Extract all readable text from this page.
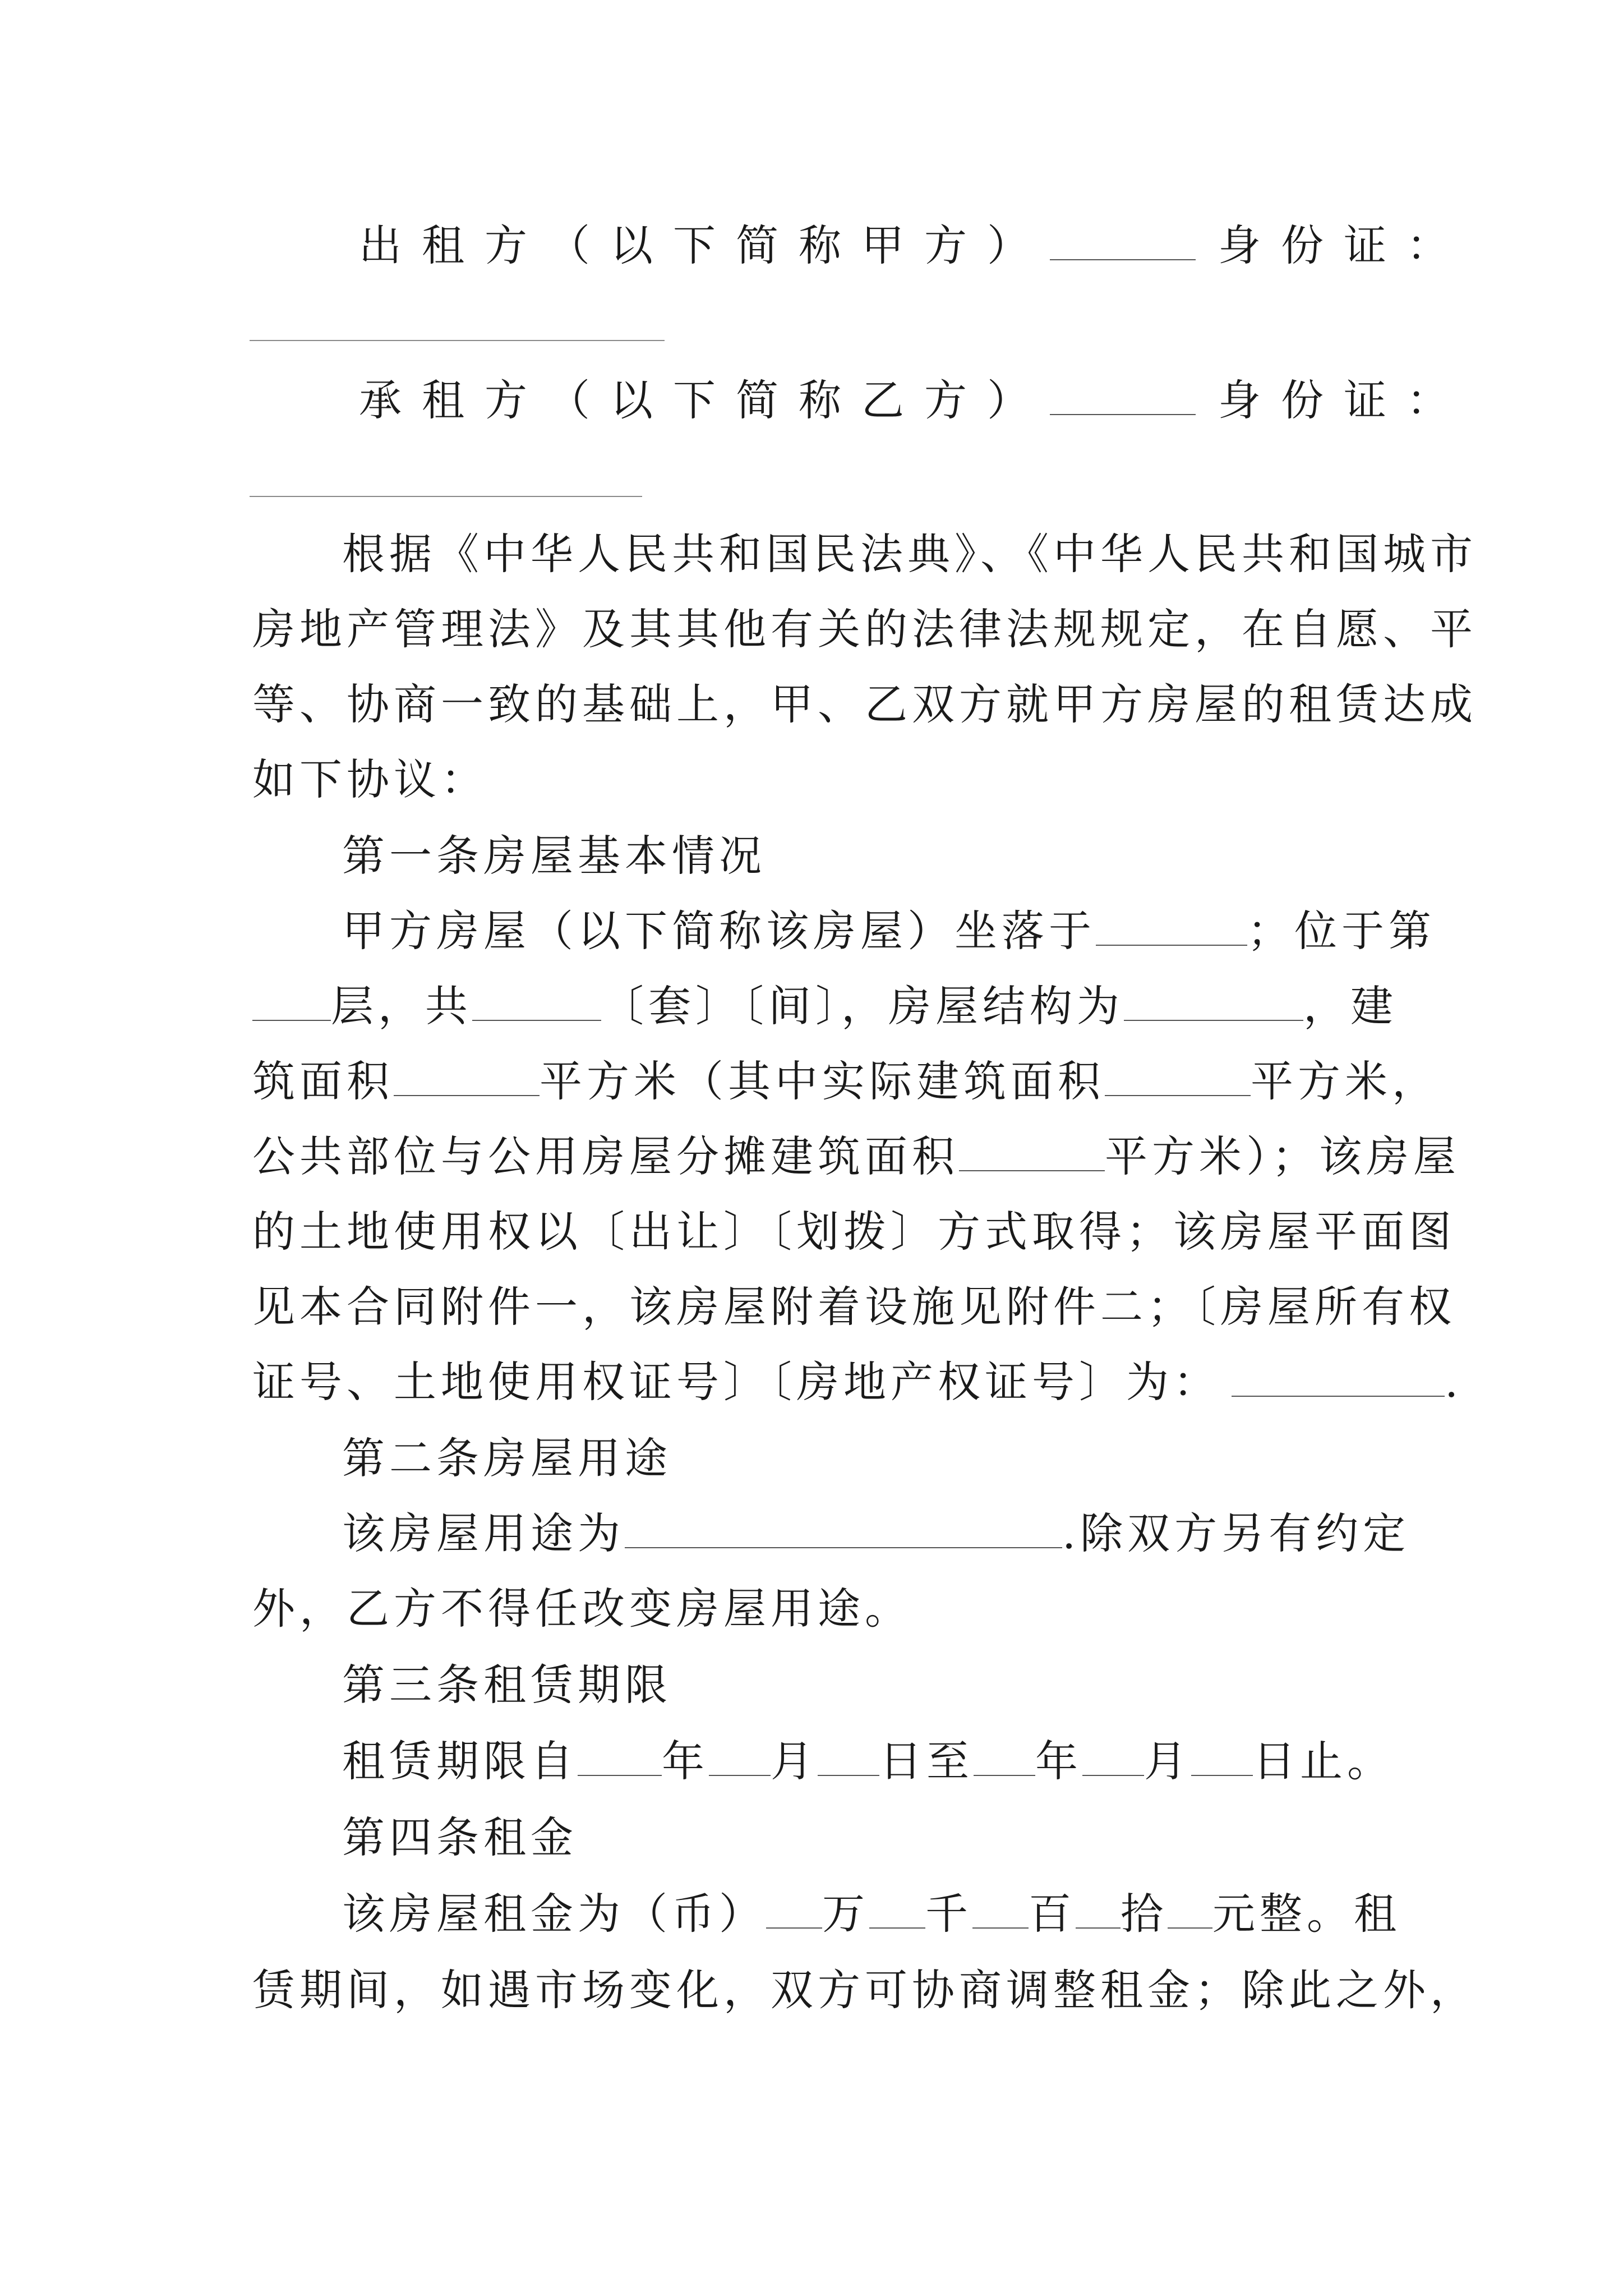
出租方（以下简称甲方）	身份证：
承租方（以下简称乙方）	身份证：
根据《中华人民共和国民法典》、《中华人民共和国城市
房地产管理法》及其其他有关的法律法规规定，在自愿、平
等、协商一致的基础上，甲、乙双方就甲方房屋的租赁达成
如下协议：
第一条房屋基本情况
甲方房屋（以下简称该房屋）坐落于	；位于第
层，共	〔套〕〔间〕，房屋结构为	，建
筑面积	平方米（其中实际建筑面积	平方米，
公共部位与公用房屋分摊建筑面积	平方米）；该房屋
的土地使用权以〔出让〕〔划拨〕方式取得；该房屋平面图
见本合同附件一，该房屋附着设施见附件二；〔房屋所有权
证号、土地使用权证号〕〔房地产权证号〕为：	.
第二条房屋用途
该房屋用途为	.除双方另有约定
外，乙方不得任改变房屋用途。
第三条租赁期限
租赁期限自 年 月 日至 年 月 日止。
第四条租金
该房屋租金为（币） 万 千 百 拾 元整。租
赁期间，如遇市场变化，双方可协商调整租金；除此之外，
